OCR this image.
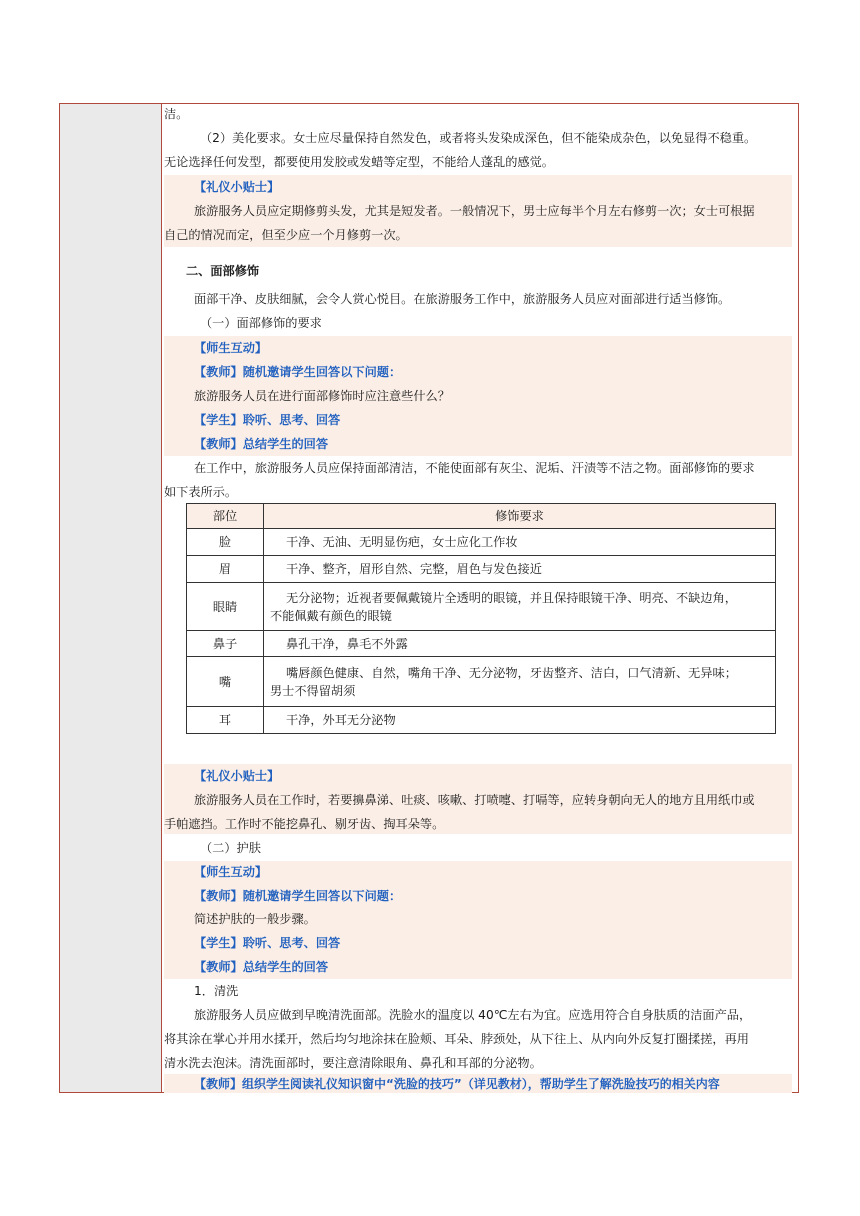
洁。
（2）美化要求。女士应尽量保持自然发色，或者将头发染成深色，但不能染成杂色，以免显得不稳重。
无论选择任何发型，都要使用发胶或发蜡等定型，不能给人蓬乱的感觉。
【礼仪小贴士】
旅游服务人员应定期修剪头发，尤其是短发者。一般情况下，男士应每半个月左右修剪一次；女士可根据
自己的情况而定，但至少应一个月修剪一次。
二、面部修饰
面部干净、皮肤细腻，会令人赏心悦目。在旅游服务工作中，旅游服务人员应对面部进行适当修饰。
（一）面部修饰的要求
【师生互动】
【教师】随机邀请学生回答以下问题：
旅游服务人员在进行面部修饰时应注意些什么？
【学生】聆听、思考、回答
【教师】总结学生的回答
在工作中，旅游服务人员应保持面部清洁，不能使面部有灰尘、泥垢、汗渍等不洁之物。面部修饰的要求
如下表所示。
部位	修饰要求
脸	干净、无油、无明显伤疤，女士应化工作妆
眉	干净、整齐，眉形自然、完整，眉色与发色接近
眼睛	无分泌物；近视者要佩戴镜片全透明的眼镜，并且保持眼镜干净、明亮、不缺边角，
不能佩戴有颜色的眼镜

鼻子	鼻孔干净，鼻毛不外露
嘴	嘴唇颜色健康、自然，嘴角干净、无分泌物，牙齿整齐、洁白，口气清新、无异味；
男士不得留胡须

耳	干净，外耳无分泌物
【礼仪小贴士】
旅游服务人员在工作时，若要擤鼻涕、吐痰、咳嗽、打喷嚏、打嗝等，应转身朝向无人的地方且用纸巾或
手帕遮挡。工作时不能挖鼻孔、剔牙齿、掏耳朵等。
（二）护肤
【师生互动】
【教师】随机邀请学生回答以下问题：
简述护肤的一般步骤。
【学生】聆听、思考、回答
【教师】总结学生的回答
1．清洗
旅游服务人员应做到早晚清洗面部。洗脸水的温度以 40℃左右为宜。应选用符合自身肤质的洁面产品，
将其涂在掌心并用水揉开，然后均匀地涂抹在脸颊、耳朵、脖颈处，从下往上、从内向外反复打圈揉搓，再用
清水洗去泡沫。清洗面部时，要注意清除眼角、鼻孔和耳部的分泌物。
【教师】组织学生阅读礼仪知识窗中“洗脸的技巧”（详见教材），帮助学生了解洗脸技巧的相关内容
